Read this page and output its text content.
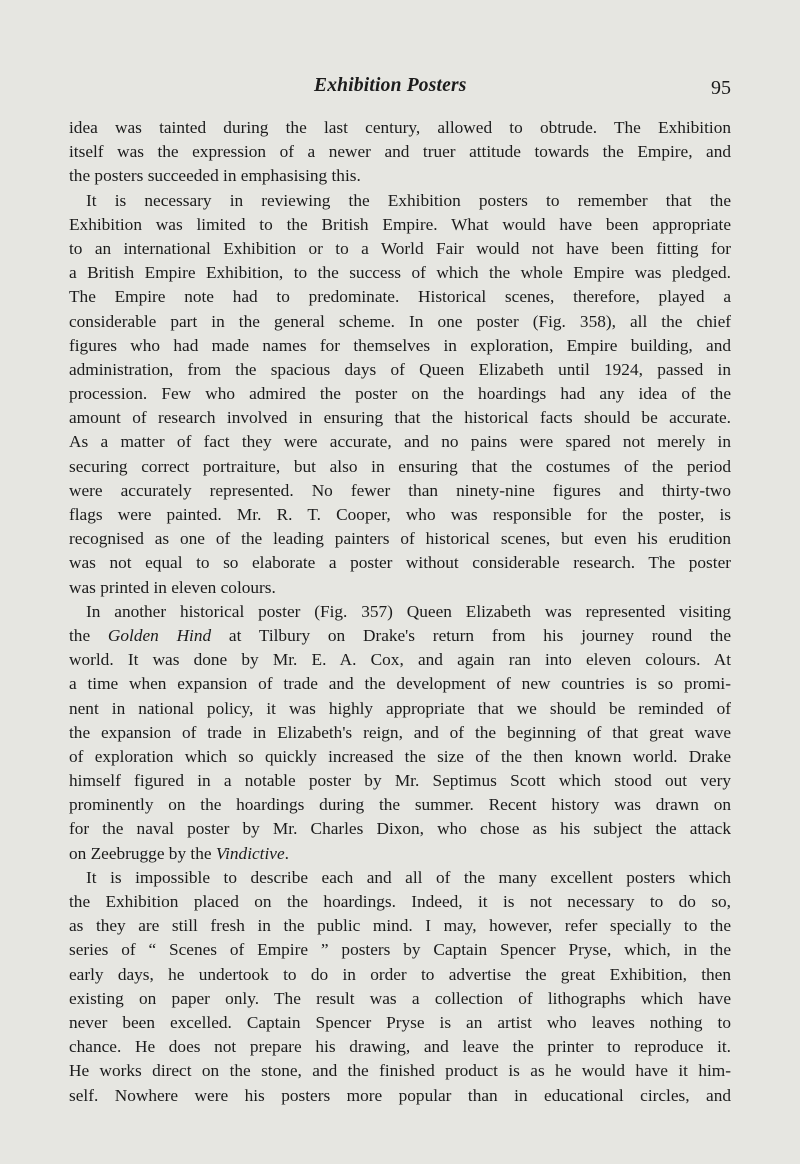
Exhibition Posters	95
idea was tainted during the last century, allowed to obtrude. The Exhibition
itself was the expression of a newer and truer attitude towards the Empire, and
the posters succeeded in emphasising this.
It is necessary in reviewing the Exhibition posters to remember that the
Exhibition was limited to the British Empire. What would have been appropriate
to an international Exhibition or to a World Fair would not have been fitting for
a British Empire Exhibition, to the success of which the whole Empire was pledged.
The Empire note had to predominate. Historical scenes, therefore, played a
considerable part in the general scheme. In one poster (Fig. 358), all the chief
figures who had made names for themselves in exploration, Empire building, and
administration, from the spacious days of Queen Elizabeth until 1924, passed in
procession. Few who admired the poster on the hoardings had any idea of the
amount of research involved in ensuring that the historical facts should be accurate.
As a matter of fact they were accurate, and no pains were spared not merely in
securing correct portraiture, but also in ensuring that the costumes of the period
were accurately represented. No fewer than ninety-nine figures and thirty-two
flags were painted. Mr. R. T. Cooper, who was responsible for the poster, is
recognised as one of the leading painters of historical scenes, but even his erudition
was not equal to so elaborate a poster without considerable research. The poster
was printed in eleven colours.
In another historical poster (Fig. 357) Queen Elizabeth was represented visiting
the Golden Hind at Tilbury on Drake's return from his journey round the
world. It was done by Mr. E. A. Cox, and again ran into eleven colours. At
a time when expansion of trade and the development of new countries is so promi-
nent in national policy, it was highly appropriate that we should be reminded of
the expansion of trade in Elizabeth's reign, and of the beginning of that great wave
of exploration which so quickly increased the size of the then known world. Drake
himself figured in a notable poster by Mr. Septimus Scott which stood out very
prominently on the hoardings during the summer. Recent history was drawn on
for the naval poster by Mr. Charles Dixon, who chose as his subject the attack
on Zeebrugge by the Vindictive.
It is impossible to describe each and all of the many excellent posters which
the Exhibition placed on the hoardings. Indeed, it is not necessary to do so,
as they are still fresh in the public mind. I may, however, refer specially to the
series of “ Scenes of Empire ” posters by Captain Spencer Pryse, which, in the
early days, he undertook to do in order to advertise the great Exhibition, then
existing on paper only. The result was a collection of lithographs which have
never been excelled. Captain Spencer Pryse is an artist who leaves nothing to
chance. He does not prepare his drawing, and leave the printer to reproduce it.
He works direct on the stone, and the finished product is as he would have it him-
self. Nowhere were his posters more popular than in educational circles, and
